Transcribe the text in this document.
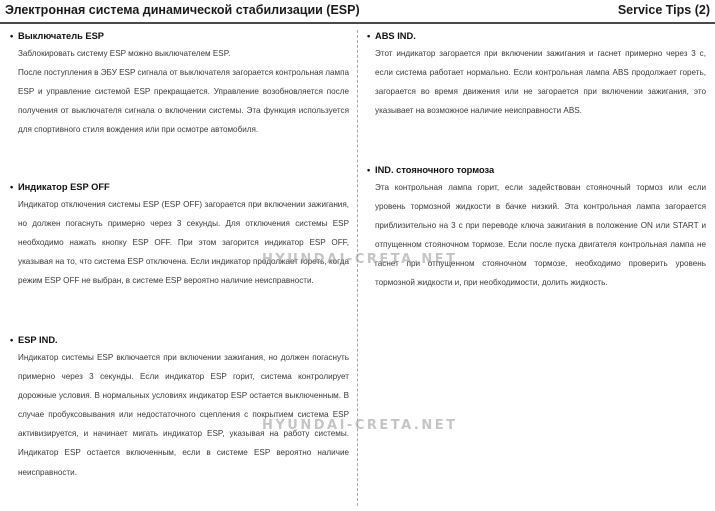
Электронная система динамической стабилизации (ESP)	Service Tips (2)
• Выключатель ESP

Заблокировать систему ESP можно выключателем ESP.

После поступления в ЭБУ ESP сигнала от выключателя загорается контрольная лампа ESP и управление системой ESP прекращается. Управление возобновляется после получения от выключателя сигнала о включении системы. Эта функция используется для спортивного стиля вождения или при осмотре автомобиля.

• Индикатор ESP OFF

Индикатор отключения системы ESP (ESP OFF) загорается при включении зажигания, но должен погаснуть примерно через 3 секунды. Для отключения системы ESP необходимо нажать кнопку ESP OFF. При этом загорится индикатор ESP OFF, указывая на то, что система ESP отключена. Если индикатор продолжает гореть, когда режим ESP OFF не выбран, в системе ESP вероятно наличие неисправности.

• ESP IND.

Индикатор системы ESP включается при включении зажигания, но должен погаснуть примерно через 3 секунды. Если индикатор ESP горит, система контролирует дорожные условия. В нормальных условиях индикатор ESP остается выключенным. В случае пробуксовывания или недостаточного сцепления с покрытием система ESP активизируется, и начинает мигать индикатор ESP, указывая на работу системы. Индикатор ESP остается включенным, если в системе ESP вероятно наличие неисправности.

• ABS IND.

Этот индикатор загорается при включении зажигания и гаснет примерно через 3 с, если система работает нормально. Если контрольная лампа ABS продолжает гореть, загорается во время движения или не загорается при включении зажигания, это указывает на возможное наличие неисправности ABS.

• IND. стояночного тормоза

Эта контрольная лампа горит, если задействован стояночный тормоз или если уровень тормозной жидкости в бачке низкий. Эта контрольная лампа загорается приблизительно на 3 с при переводе ключа зажигания в положение ON или START и отпущенном стояночном тормозе. Если после пуска двигателя контрольная лампа не гаснет при отпущенном стояночном тормозе, необходимо проверить уровень тормозной жидкости и, при необходимости, долить жидкость.

HYUNDAI-CRETA.NET
HYUNDAI-CRETA.NET
